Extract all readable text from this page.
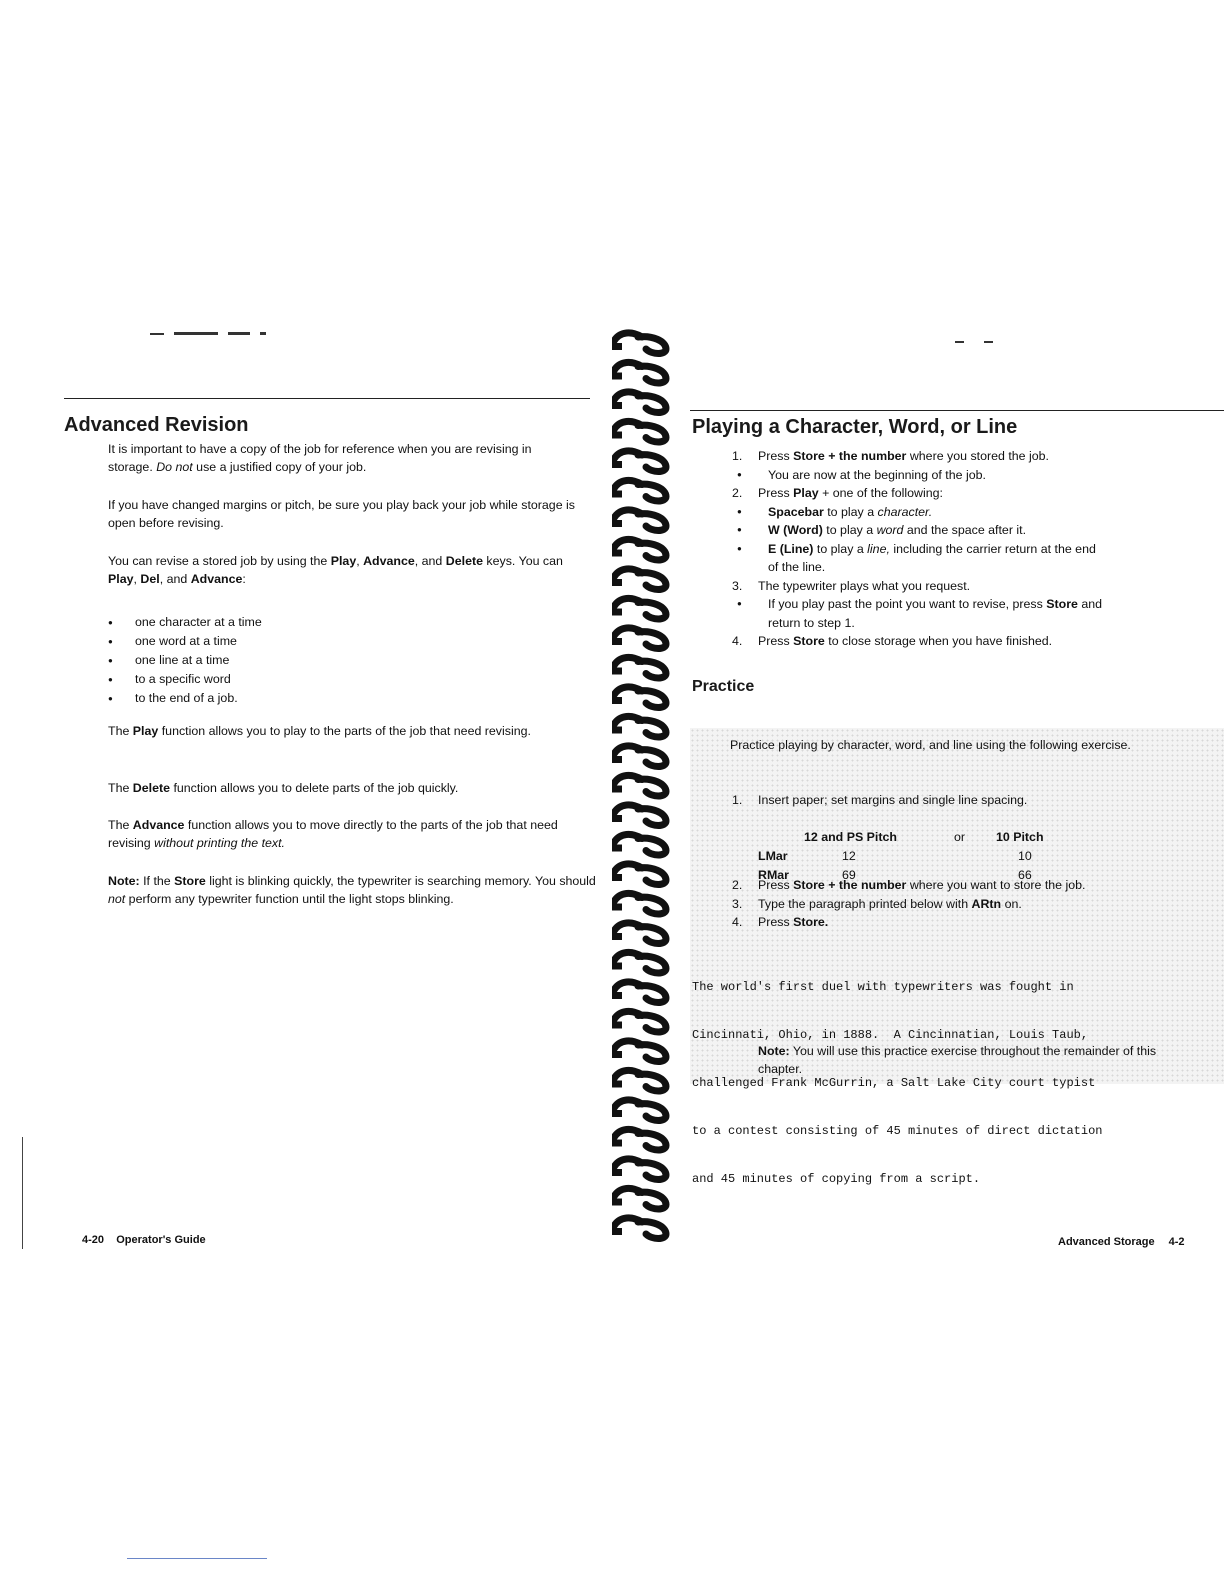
Advanced Revision

It is important to have a copy of the job for reference when you are revising in storage. Do not use a justified copy of your job.

If you have changed margins or pitch, be sure you play back your job while storage is open before revising.

You can revise a stored job by using the Play, Advance, and Delete keys. You can Play, Del, and Advance:

● one character at a time
● one word at a time
● one line at a time
● to a specific word
● to the end of a job.

The Play function allows you to play to the parts of the job that need revising.

The Delete function allows you to delete parts of the job quickly.

The Advance function allows you to move directly to the parts of the job that need revising without printing the text.

Note: If the Store light is blinking quickly, the typewriter is searching memory. You should not perform any typewriter function until the light stops blinking.

4-20    Operator's Guide
Playing a Character, Word, or Line
1. Press Store + the number where you stored the job.
● You are now at the beginning of the job.
2. Press Play + one of the following:
● Spacebar to play a character.
● W (Word) to play a word and the space after it.
● E (Line) to play a line, including the carrier return at the end
of the line.
3. The typewriter plays what you request.
● If you play past the point you want to revise, press Store and
return to step 1.
4. Press Store to close storage when you have finished.
Practice

Practice playing by character, word, and line using the following exercise.

1. Insert paper; set margins and single line spacing.
	12 and PS Pitch	or	10 Pitch
LMar	12		10
RMar	69		66
2. Press Store + the number where you want to store the job.
3. Type the paragraph printed below with ARtn on.
4. Press Store.

The world's first duel with typewriters was fought in

Cincinnati, Ohio, in 1888.  A Cincinnatian, Louis Taub,

challenged Frank McGurrin, a Salt Lake City court typist

to a contest consisting of 45 minutes of direct dictation

and 45 minutes of copying from a script.

Note: You will use this practice exercise throughout the remainder of this chapter.

Advanced Storage 4-2
